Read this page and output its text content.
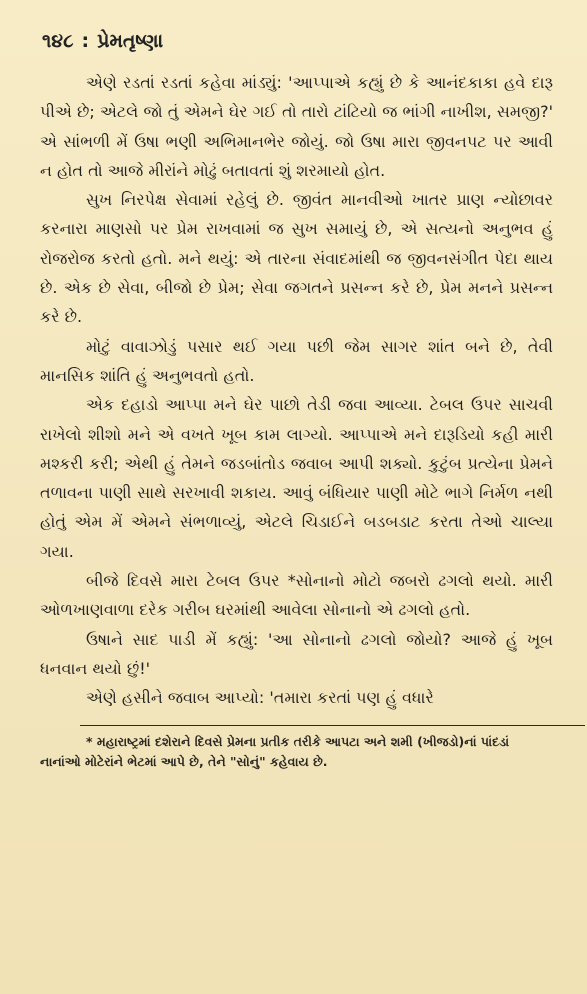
૧૪૮ : પ્રેમતૃષ્ણા

એણે રડતાં રડતાં કહેવા માંડ્યું: 'આપ્પાએ કહ્યું છે કે આનંદકાકા હવે દારૂ પીએ છે; એટલે જો તું એમને ઘેર ગઈ તો તારો ટાંટિયો જ ભાંગી નાખીશ, સમજી?' એ સાંભળી મેં ઉષા ભણી અભિમાનભેર જોયું. જો ઉષા મારા જીવનપટ પર આવી ન હોત તો આજે મીરાંને મોઢું બતાવતાં શું શરમાયો હોત.

સુખ નિરપેક્ષ સેવામાં રહેલું છે. જીવંત માનવીઓ ખાતર પ્રાણ ન્યોછાવર કરનારા માણસો પર પ્રેમ રાખવામાં જ સુખ સમાયું છે, એ સત્યનો અનુભવ હું રોજરોજ કરતો હતો. મને થયું: એ તારના સંવાદમાંથી જ જીવનસંગીત પેદા થાય છે. એક છે સેવા, બીજો છે પ્રેમ; સેવા જગતને પ્રસન્ન કરે છે, પ્રેમ મનને પ્રસન્ન કરે છે.

મોટું વાવાઝોડું પસાર થઈ ગયા પછી જેમ સાગર શાંત બને છે, તેવી માનસિક શાંતિ હું અનુભવતો હતો.

એક દહાડો આપ્પા મને ઘેર પાછો તેડી જવા આવ્યા. ટેબલ ઉપર સાચવી રાખેલો શીશો મને એ વખતે ખૂબ કામ લાગ્યો. આપ્પાએ મને દારૂડિયો કહી મારી મશ્કરી કરી; એથી હું તેમને જડબાંતોડ જવાબ આપી શક્યો. કુટુંબ પ્રત્યેના પ્રેમને તળાવના પાણી સાથે સરખાવી શકાય. આવું બંધિયાર પાણી મોટે ભાગે નિર્મળ નથી હોતું એમ મેં એમને સંભળાવ્યું, એટલે ચિડાઈને બડબડાટ કરતા તેઓ ચાલ્યા ગયા.

બીજે દિવસે મારા ટેબલ ઉપર *સોનાનો મોટો જબરો ઢગલો થયો. મારી ઓળખાણવાળા દરેક ગરીબ ઘરમાંથી આવેલા સોનાનો એ ઢગલો હતો.

ઉષાને સાદ પાડી મેં કહ્યું: 'આ સોનાનો ઢગલો જોયો? આજે હું ખૂબ ધનવાન થયો છું!'

એણે હસીને જવાબ આપ્યો: 'તમારા કરતાં પણ હું વધારે

* મહારાષ્ટ્રમાં દશેરાને દિવસે પ્રેમના પ્રતીક તરીકે આપટા અને શમી (ખીજડો)નાં પાંદડાં નાનાંઓ મોટેરાંને ભેટમાં આપે છે, તેને "સોનું" કહેવાય છે.
